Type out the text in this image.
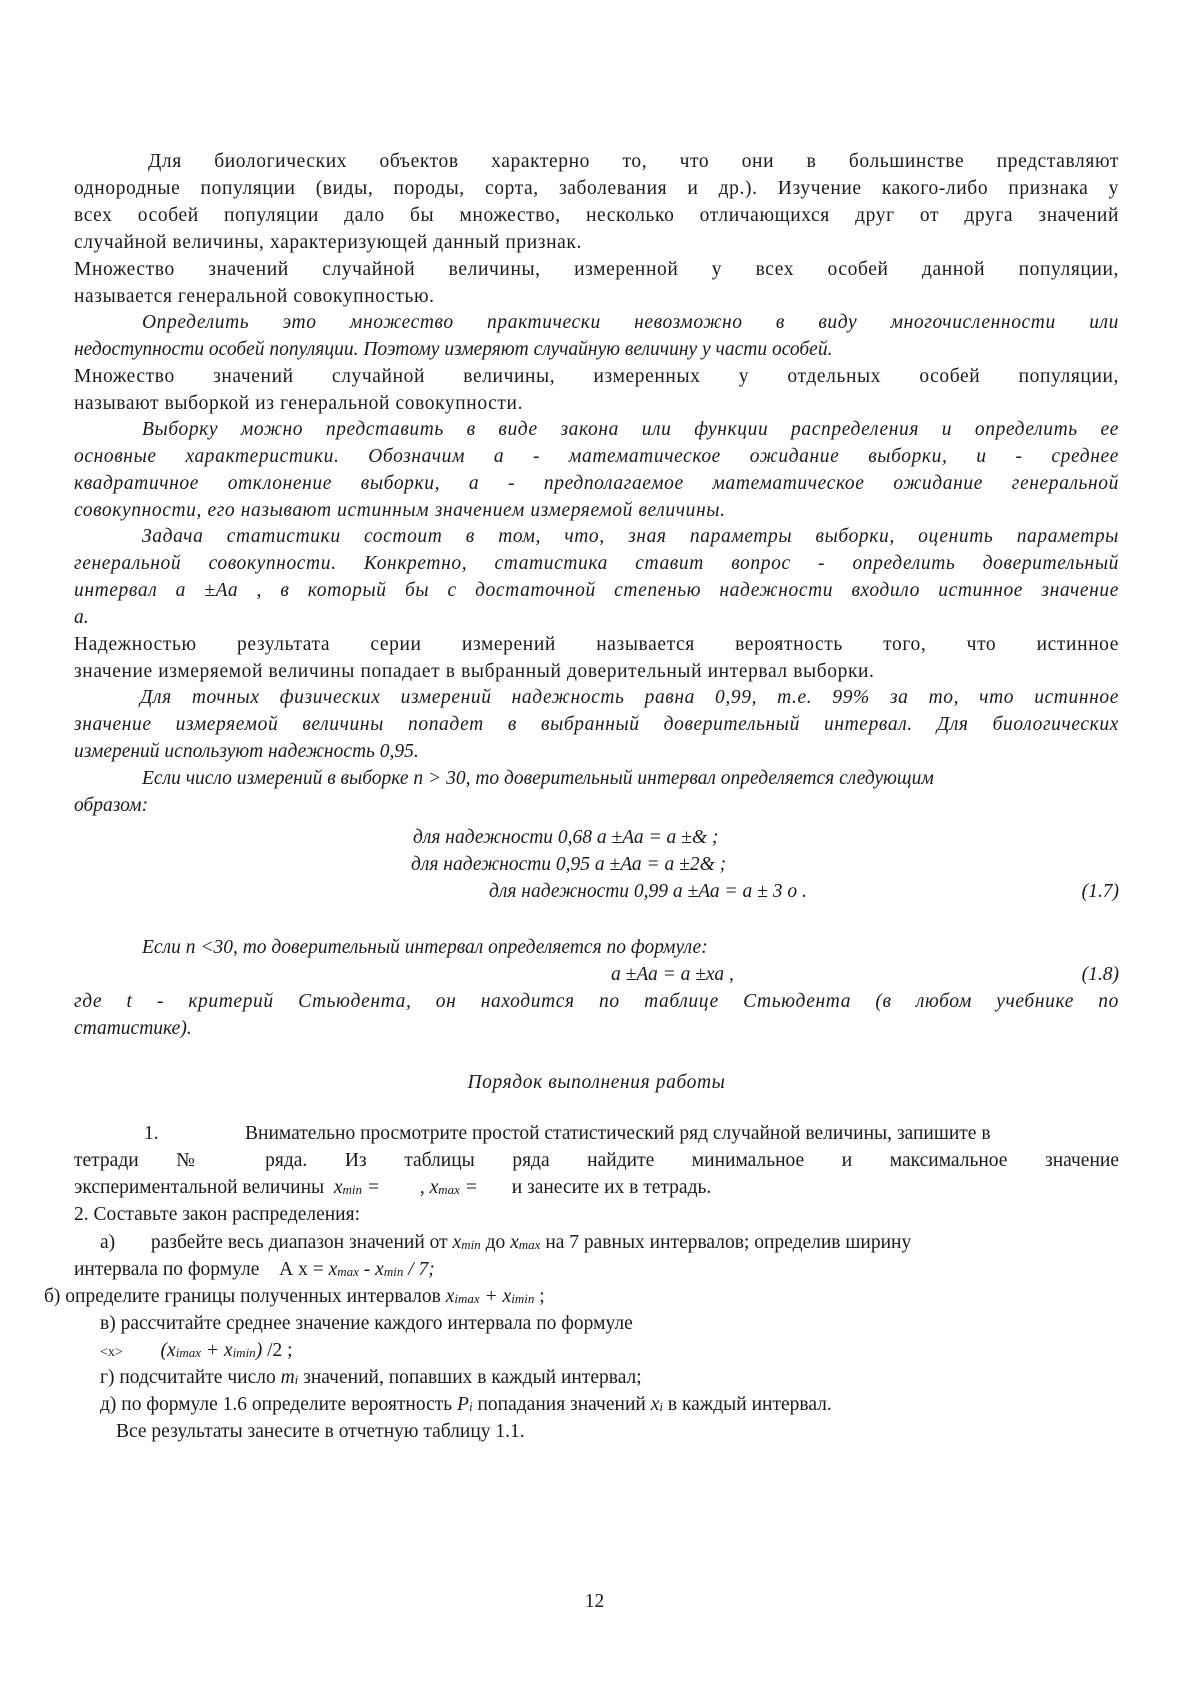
Для биологических объектов характерно то, что они в большинстве представляют

однородные популяции (виды, породы, сорта, заболевания и др.). Изучение какого-либо признака у

всех особей популяции дало бы множество, несколько отличающихся друг от друга значений

случайной величины, характеризующей данный признак.

Множество значений случайной величины, измеренной у всех особей данной популяции,

называется генеральной совокупностью.

Определить это множество практически невозможно в виду многочисленности или

недоступности особей популяции. Поэтому измеряют случайную величину у части особей.

Множество значений случайной величины, измеренных у отдельных особей популяции,

называют выборкой из генеральной совокупности.

Выборку можно представить в виде закона или функции распределения и определить ее

основные характеристики. Обозначим а - математическое ожидание выборки, и - среднее

квадратичное отклонение выборки, а - предполагаемое математическое ожидание генеральной

совокупности, его называют истинным значением измеряемой величины.

Задача статистики состоит в том, что, зная параметры выборки, оценить параметры

генеральной совокупности. Конкретно, статистика ставит вопрос - определить доверительный

интервал а ±Аа , в который бы с достаточной степенью надежности входило истинное значение

а.

Надежностью результата серии измерений называется вероятность того, что истинное

значение измеряемой величины попадает в выбранный доверительный интервал выборки.

Для точных физических измерений надежность равна 0,99, т.е. 99% за то, что истинное

значение измеряемой величины попадет в выбранный доверительный интервал. Для биологических

измерений используют надежность 0,95.

Если число измерений в выборке n > 30, то доверительный интервал определяется следующим

образом:

для надежности 0,68 а ±Аа = а ±& ;
для надежности 0,95 а ±Аа = а ±2& ;
для надежности 0,99 а ±Аа = а ± 3 о .	(1.7)
Если n <30, то доверительный интервал определяется по формуле:
а ±Аа = а ±ха ,	(1.8)

где t - критерий Стьюдента, он находится по таблице Стьюдента (в любом учебнике по

статистике).

Порядок выполнения работы

1.	Внимательно просмотрите простой статистический ряд случайной величины, запишите в

тетради № ряда. Из таблицы ряда найдите минимальное и максимальное значение

экспериментальной величины  xmin = , xmax = и занесите их в тетрадь.

2. Составьте закон распределения:

а) разбейте весь диапазон значений от xmin до xmax на 7 равных интервалов; определив ширину

интервала по формуле А х = xmax - xmin / 7;

б) определите границы полученных интервалов ximax + ximin ;

в) рассчитайте среднее значение каждого интервала по формуле

<x> (ximax + ximin) /2 ;

г) подсчитайте число mi значений, попавших в каждый интервал;

д) по формуле 1.6 определите вероятность Pi попадания значений xi в каждый интервал.

Все результаты занесите в отчетную таблицу 1.1.

12
